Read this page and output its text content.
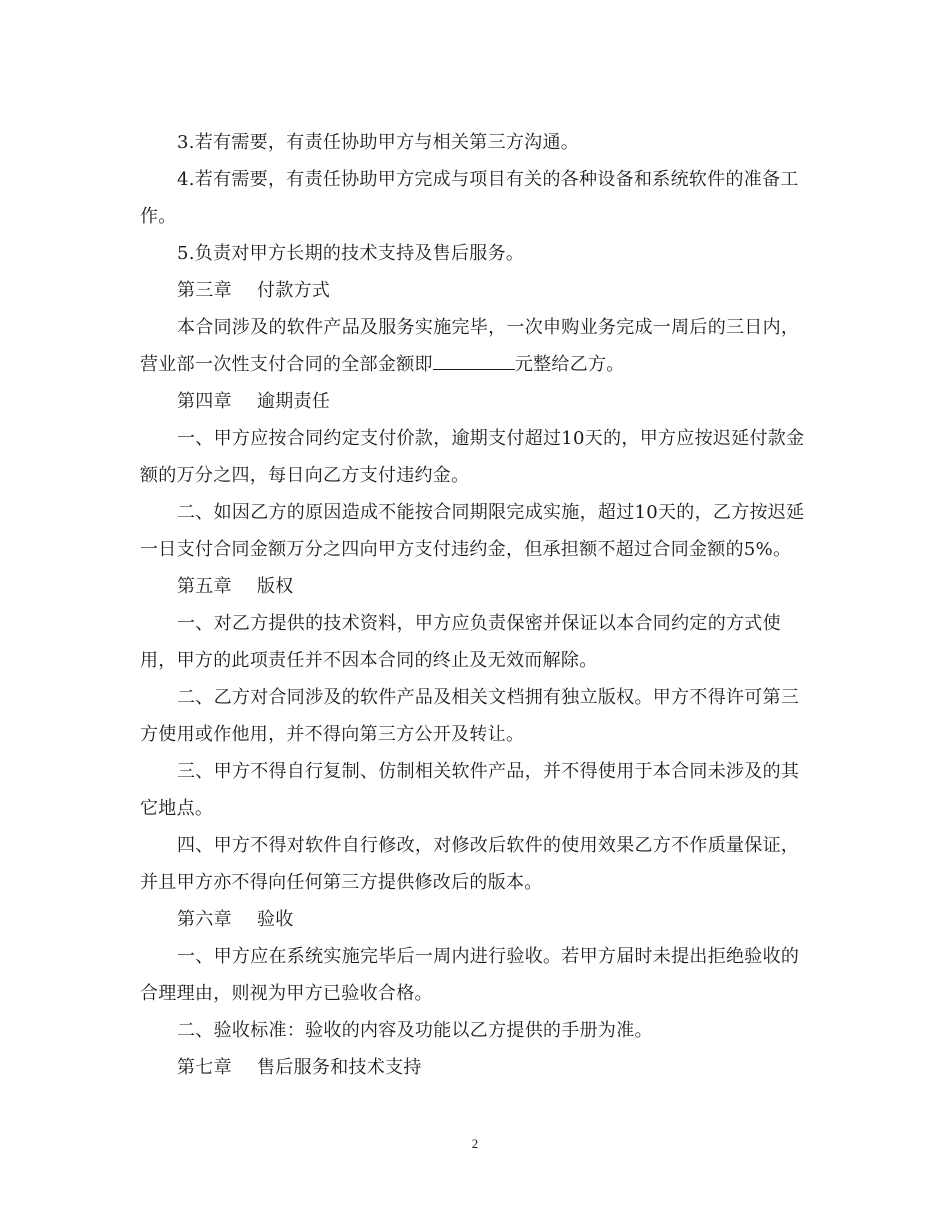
3.若有需要，有责任协助甲方与相关第三方沟通。

4.若有需要，有责任协助甲方完成与项目有关的各种设备和系统软件的准备工作。

5.负责对甲方长期的技术支持及售后服务。

第三章 付款方式

本合同涉及的软件产品及服务实施完毕，一次申购业务完成一周后的三日内，营业部一次性支付合同的全部金额即	元整给乙方。

第四章 逾期责任

一、甲方应按合同约定支付价款，逾期支付超过10天的，甲方应按迟延付款金额的万分之四，每日向乙方支付违约金。

二、如因乙方的原因造成不能按合同期限完成实施，超过10天的，乙方按迟延一日支付合同金额万分之四向甲方支付违约金，但承担额不超过合同金额的5%。

第五章 版权

一、对乙方提供的技术资料，甲方应负责保密并保证以本合同约定的方式使用，甲方的此项责任并不因本合同的终止及无效而解除。

二、乙方对合同涉及的软件产品及相关文档拥有独立版权。甲方不得许可第三方使用或作他用，并不得向第三方公开及转让。

三、甲方不得自行复制、仿制相关软件产品，并不得使用于本合同未涉及的其它地点。

四、甲方不得对软件自行修改，对修改后软件的使用效果乙方不作质量保证，并且甲方亦不得向任何第三方提供修改后的版本。

第六章 验收

一、甲方应在系统实施完毕后一周内进行验收。若甲方届时未提出拒绝验收的合理理由，则视为甲方已验收合格。

二、验收标准：验收的内容及功能以乙方提供的手册为准。

第七章 售后服务和技术支持

2
